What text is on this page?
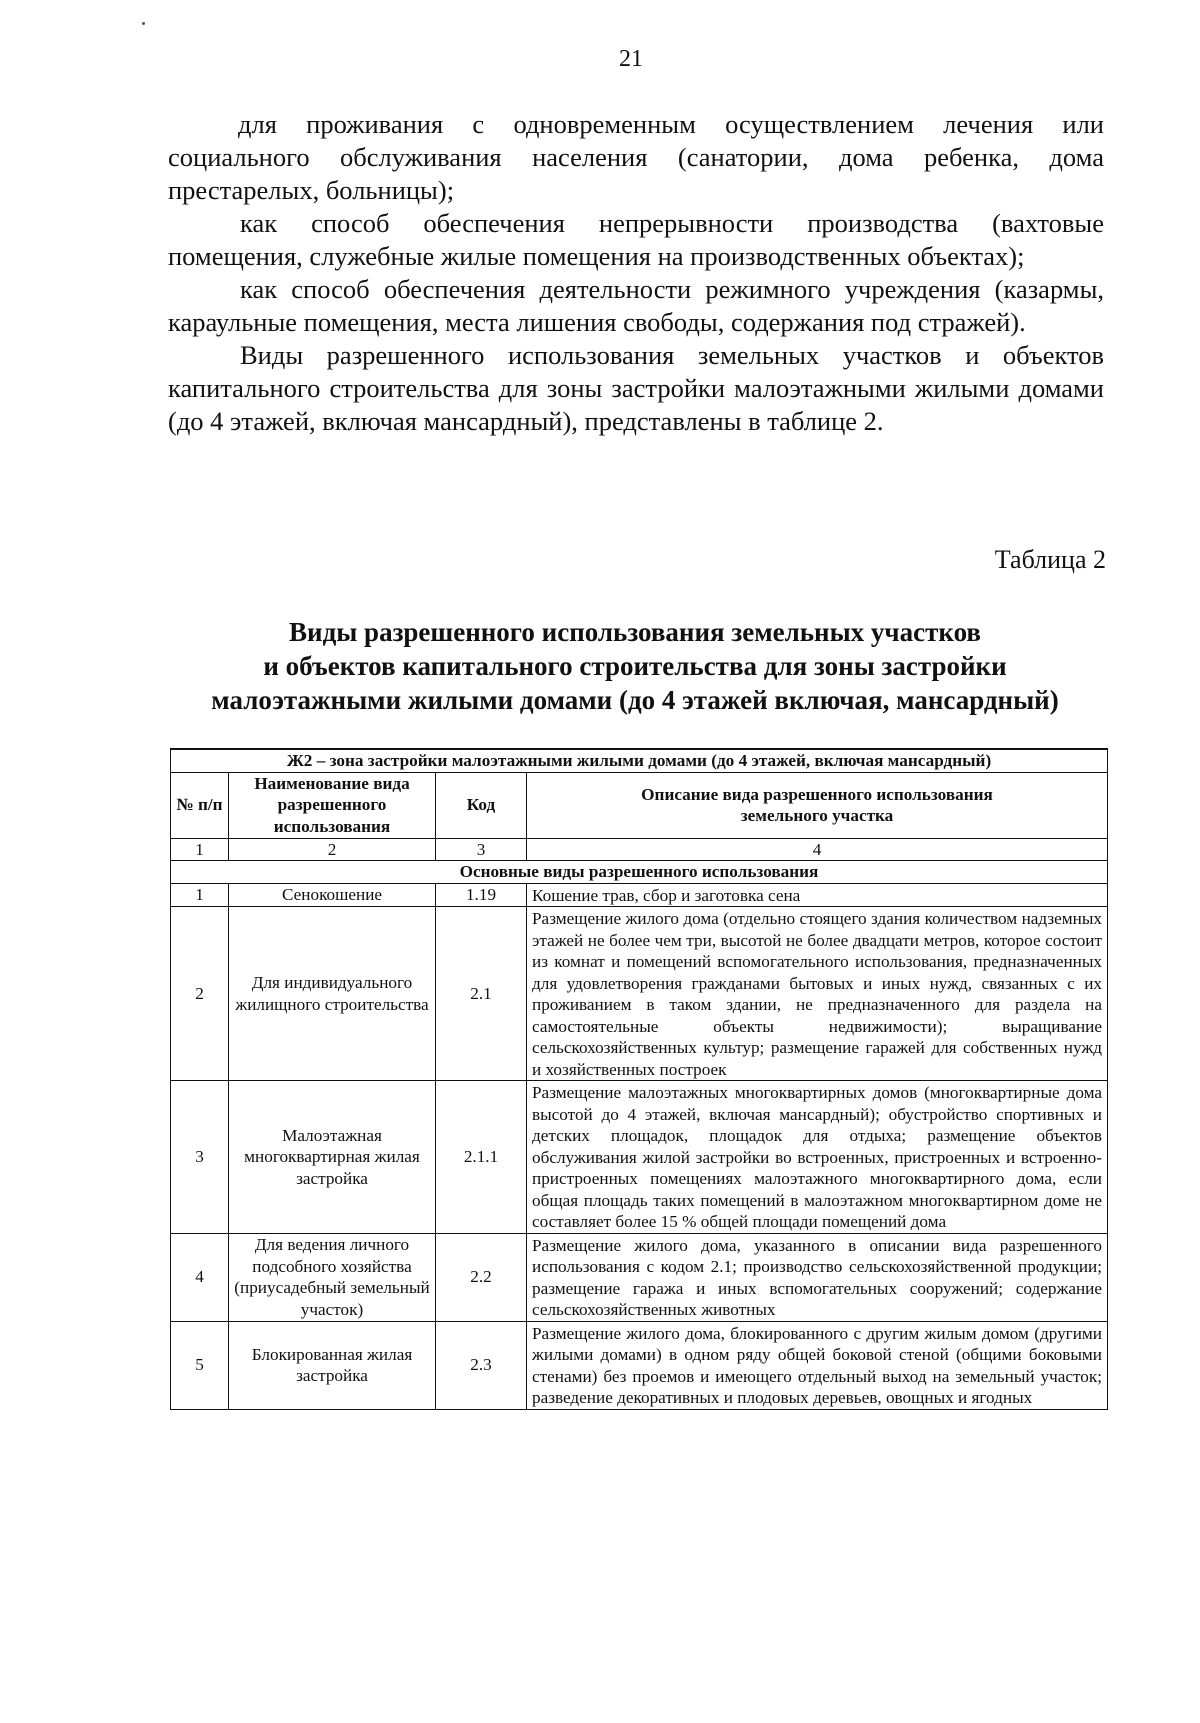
21

для проживания с одновременным осуществлением лечения или социального обслуживания населения (санатории, дома ребенка, дома престарелых, больницы);

как способ обеспечения непрерывности производства (вахтовые помещения, служебные жилые помещения на производственных объектах);

как способ обеспечения деятельности режимного учреждения (казармы, караульные помещения, места лишения свободы, содержания под стражей).

Виды разрешенного использования земельных участков и объектов капитального строительства для зоны застройки малоэтажными жилыми домами (до 4 этажей, включая мансардный), представлены в таблице 2.

Таблица 2
Виды разрешенного использования земельных участков
и объектов капитального строительства для зоны застройки
малоэтажными жилыми домами (до 4 этажей включая, мансардный)
Ж2 – зона застройки малоэтажными жилыми домами (до 4 этажей, включая мансардный)			
№ п/п	Наименование вида разрешенного использования	Код	Описание вида разрешенного использования земельного участка
1	2	3	4
Основные виды разрешенного использования			
1	Сенокошение	1.19	Кошение трав, сбор и заготовка сена
2	Для индивидуального жилищного строительства	2.1	Размещение жилого дома (отдельно стоящего здания количеством надземных этажей не более чем три, высотой не более двадцати метров, которое состоит из комнат и помещений вспомогательного использования, предназначенных для удовлетворения гражданами бытовых и иных нужд, связанных с их проживанием в таком здании, не предназначенного для раздела на самостоятельные объекты недвижимости); выращивание сельскохозяйственных культур; размещение гаражей для собственных нужд и хозяйственных построек
3	Малоэтажная многоквартирная жилая застройка	2.1.1	Размещение малоэтажных многоквартирных домов (многоквартирные дома высотой до 4 этажей, включая мансардный); обустройство спортивных и детских площадок, площадок для отдыха; размещение объектов обслуживания жилой застройки во встроенных, пристроенных и встроенно-пристроенных помещениях малоэтажного многоквартирного дома, если общая площадь таких помещений в малоэтажном многоквартирном доме не составляет более 15 % общей площади помещений дома
4	Для ведения личного подсобного хозяйства (приусадебный земельный участок)	2.2	Размещение жилого дома, указанного в описании вида разрешенного использования с кодом 2.1; производство сельскохозяйственной продукции; размещение гаража и иных вспомогательных сооружений; содержание сельскохозяйственных животных
5	Блокированная жилая застройка	2.3	Размещение жилого дома, блокированного с другим жилым домом (другими жилыми домами) в одном ряду общей боковой стеной (общими боковыми стенами) без проемов и имеющего отдельный выход на земельный участок; разведение декоративных и плодовых деревьев, овощных и ягодных
